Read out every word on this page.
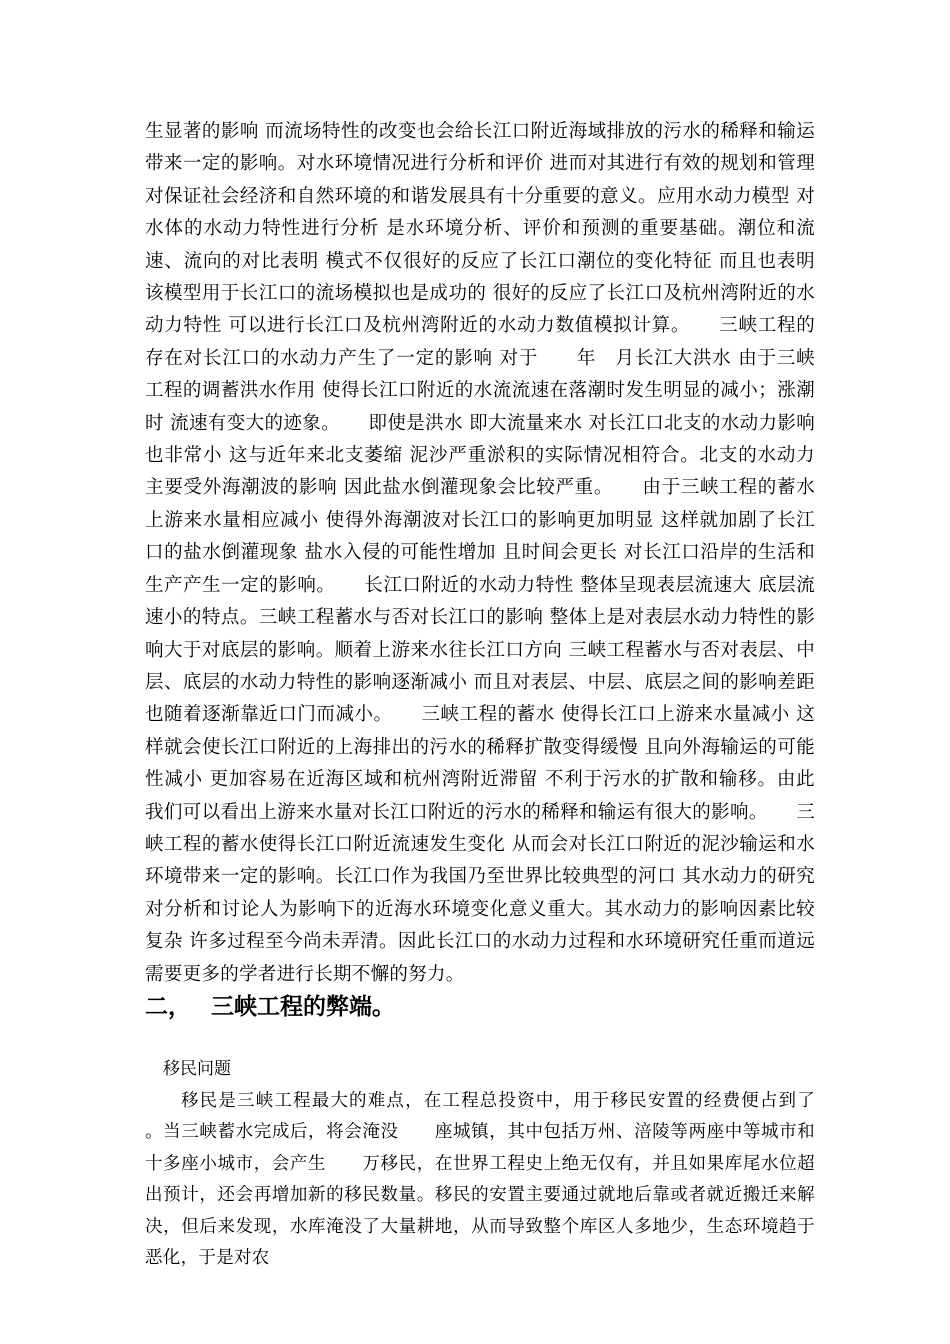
生显著的影响 而流场特性的改变也会给长江口附近海域排放的污水的稀释和输运带来一定的影响。对水环境情况进行分析和评价 进而对其进行有效的规划和管理 对保证社会经济和自然环境的和谐发展具有十分重要的意义。应用水动力模型 对水体的水动力特性进行分析 是水环境分析、评价和预测的重要基础。潮位和流速、流向的对比表明 模式不仅很好的反应了长江口潮位的变化特征 而且也表明该模型用于长江口的流场模拟也是成功的 很好的反应了长江口及杭州湾附近的水动力特性 可以进行长江口及杭州湾附近的水动力数值模拟计算。　　三峡工程的存在对长江口的水动力产生了一定的影响 对于　　年　月长江大洪水 由于三峡工程的调蓄洪水作用 使得长江口附近的水流流速在落潮时发生明显的减小；涨潮时 流速有变大的迹象。　　即使是洪水 即大流量来水 对长江口北支的水动力影响也非常小 这与近年来北支萎缩 泥沙严重淤积的实际情况相符合。北支的水动力主要受外海潮波的影响 因此盐水倒灌现象会比较严重。　　由于三峡工程的蓄水 上游来水量相应减小 使得外海潮波对长江口的影响更加明显 这样就加剧了长江口的盐水倒灌现象 盐水入侵的可能性增加 且时间会更长 对长江口沿岸的生活和生产产生一定的影响。　　长江口附近的水动力特性 整体呈现表层流速大 底层流速小的特点。三峡工程蓄水与否对长江口的影响 整体上是对表层水动力特性的影响大于对底层的影响。顺着上游来水往长江口方向 三峡工程蓄水与否对表层、中层、底层的水动力特性的影响逐渐减小 而且对表层、中层、底层之间的影响差距也随着逐渐靠近口门而减小。　　三峡工程的蓄水 使得长江口上游来水量减小 这样就会使长江口附近的上海排出的污水的稀释扩散变得缓慢 且向外海输运的可能性减小 更加容易在近海区域和杭州湾附近滞留 不利于污水的扩散和输移。由此我们可以看出上游来水量对长江口附近的污水的稀释和输运有很大的影响。　　三峡工程的蓄水使得长江口附近流速发生变化 从而会对长江口附近的泥沙输运和水环境带来一定的影响。长江口作为我国乃至世界比较典型的河口 其水动力的研究对分析和讨论人为影响下的近海水环境变化意义重大。其水动力的影响因素比较复杂 许多过程至今尚未弄清。因此长江口的水动力过程和水环境研究任重而道远 需要更多的学者进行长期不懈的努力。

二， 三峡工程的弊端。

移民问题

移民是三峡工程最大的难点，在工程总投资中，用于移民安置的经费便占到了　　。当三峡蓄水完成后，将会淹没　　座城镇，其中包括万州、涪陵等两座中等城市和十多座小城市，会产生　　万移民，在世界工程史上绝无仅有，并且如果库尾水位超出预计，还会再增加新的移民数量。移民的安置主要通过就地后靠或者就近搬迁来解决，但后来发现，水库淹没了大量耕地，从而导致整个库区人多地少，生态环境趋于恶化，于是对农
